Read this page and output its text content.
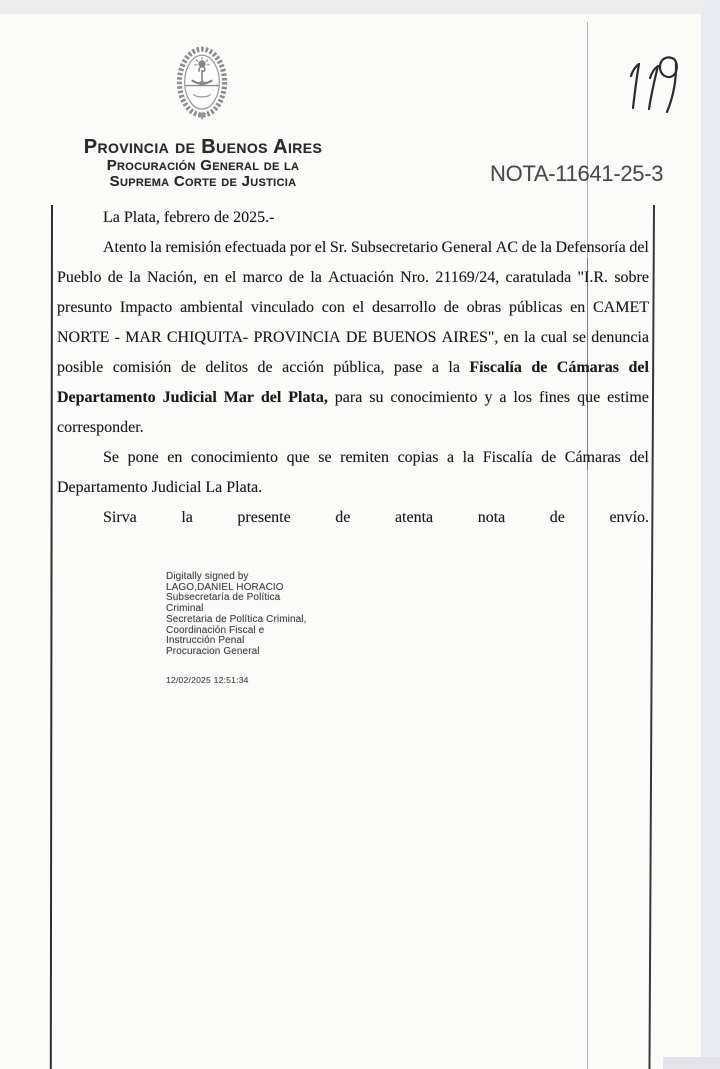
Provincia de Buenos Aires
Procuración General de la
Suprema Corte de Justicia	NOTA-11641-25-3
La Plata, febrero de 2025.-
Atento la remisión efectuada por el Sr. Subsecretario General AC de la Defensoría del
Pueblo de la Nación, en el marco de la Actuación Nro. 21169/24, caratulada "I.R. sobre
presunto Impacto ambiental vinculado con el desarrollo de obras públicas en CAMET
NORTE - MAR CHIQUITA- PROVINCIA DE BUENOS AIRES", en la cual se denuncia
posible comisión de delitos de acción pública, pase a la Fiscalía de Cámaras del
Departamento Judicial Mar del Plata, para su conocimiento y a los fines que estime
corresponder.
Se pone en conocimiento que se remiten copias a la Fiscalía de Cámaras del
Departamento Judicial La Plata.
Sirva	la	presente	de	atenta	nota	de	envío.
Digitally signed by
LAGO,DANIEL HORACIO
Subsecretaría de Política
Criminal
Secretaria de Política Criminal,
Coordinación Fiscal e
Instrucción Penal
Procuracion General
12/02/2025 12:51:34
